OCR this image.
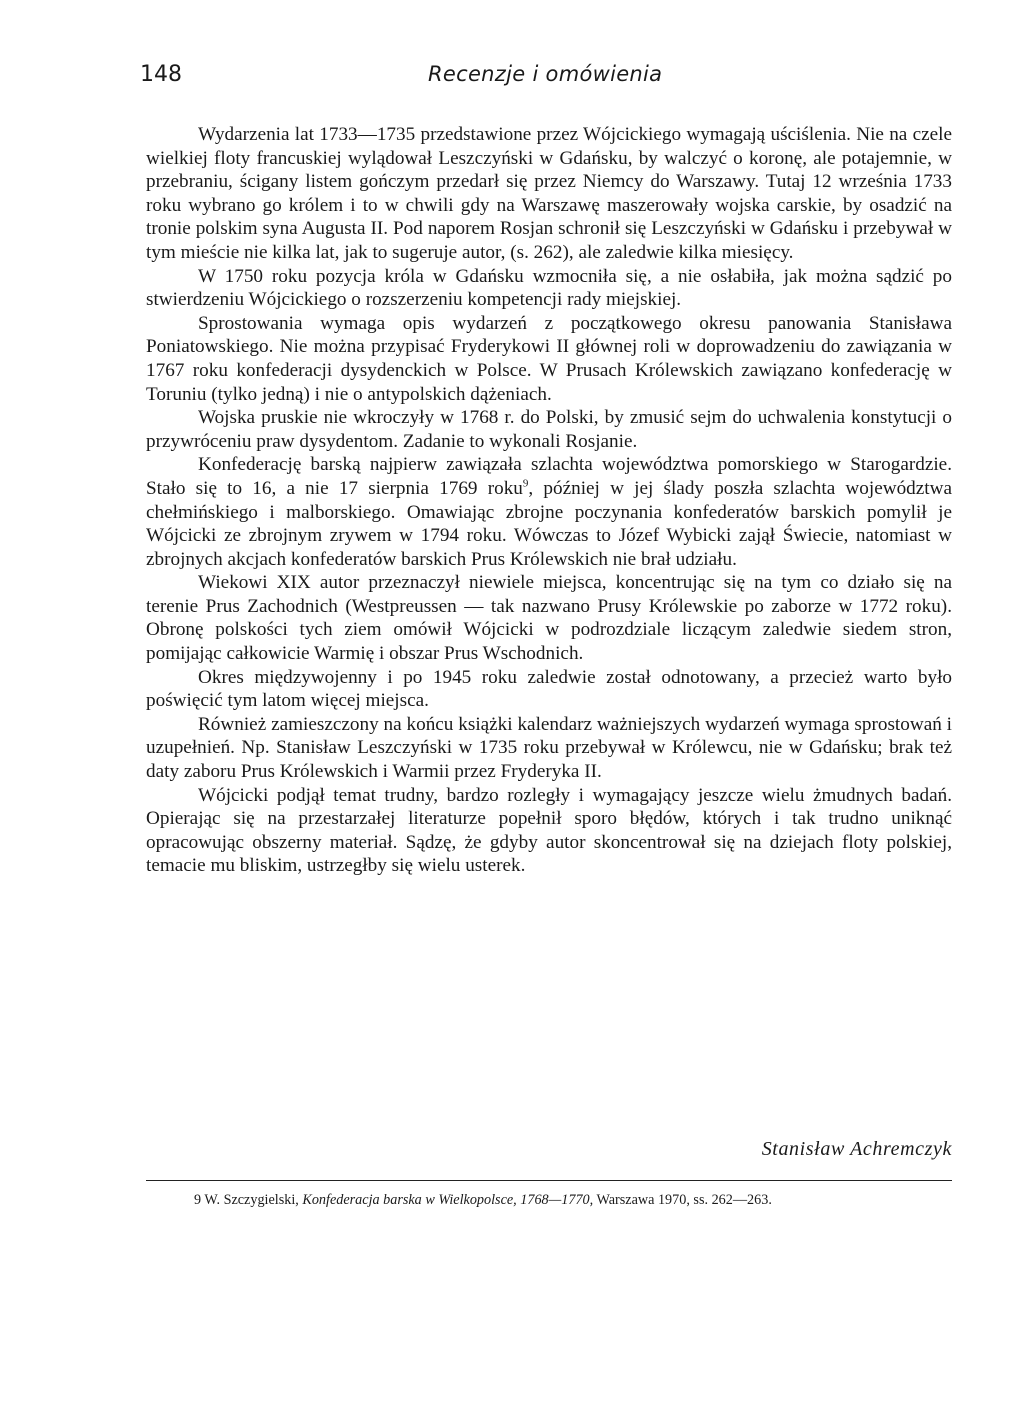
148	Recenzje i omówienia

Wydarzenia lat 1733—1735 przedstawione przez Wójcickiego wymagają uściślenia. Nie na czele wielkiej floty francuskiej wylądował Leszczyński w Gdańsku, by walczyć o koronę, ale potajemnie, w przebraniu, ścigany listem gończym przedarł się przez Niemcy do Warszawy. Tutaj 12 września 1733 roku wybrano go królem i to w chwili gdy na Warszawę maszerowały wojska carskie, by osadzić na tronie polskim syna Augusta II. Pod naporem Rosjan schronił się Leszczyński w Gdańsku i przebywał w tym mieście nie kilka lat, jak to sugeruje autor, (s. 262), ale zaledwie kilka miesięcy.

W 1750 roku pozycja króla w Gdańsku wzmocniła się, a nie osłabiła, jak można sądzić po stwierdzeniu Wójcickiego o rozszerzeniu kompetencji rady miejskiej.

Sprostowania wymaga opis wydarzeń z początkowego okresu panowania Stanisława Poniatowskiego. Nie można przypisać Fryderykowi II głównej roli w doprowadzeniu do zawiązania w 1767 roku konfederacji dysydenckich w Polsce. W Prusach Królewskich zawiązano konfederację w Toruniu (tylko jedną) i nie o antypolskich dążeniach.

Wojska pruskie nie wkroczyły w 1768 r. do Polski, by zmusić sejm do uchwalenia konstytucji o przywróceniu praw dysydentom. Zadanie to wykonali Rosjanie.

Konfederację barską najpierw zawiązała szlachta województwa pomorskiego w Starogardzie. Stało się to 16, a nie 17 sierpnia 1769 roku$^9$, później w jej ślady poszła szlachta województwa chełmińskiego i malborskiego. Omawiając zbrojne poczynania konfederatów barskich pomylił je Wójcicki ze zbrojnym zrywem w 1794 roku. Wówczas to Józef Wybicki zajął Świecie, natomiast w zbrojnych akcjach konfederatów barskich Prus Królewskich nie brał udziału.

Wiekowi XIX autor przeznaczył niewiele miejsca, koncentrując się na tym co działo się na terenie Prus Zachodnich (Westpreussen — tak nazwano Prusy Królewskie po zaborze w 1772 roku). Obronę polskości tych ziem omówił Wójcicki w podrozdziale liczącym zaledwie siedem stron, pomijając całkowicie Warmię i obszar Prus Wschodnich.

Okres międzywojenny i po 1945 roku zaledwie został odnotowany, a przecież warto było poświęcić tym latom więcej miejsca.

Również zamieszczony na końcu książki kalendarz ważniejszych wydarzeń wymaga sprostowań i uzupełnień. Np. Stanisław Leszczyński w 1735 roku przebywał w Królewcu, nie w Gdańsku; brak też daty zaboru Prus Królewskich i Warmii przez Fryderyka II.

Wójcicki podjął temat trudny, bardzo rozległy i wymagający jeszcze wielu żmudnych badań. Opierając się na przestarzałej literaturze popełnił sporo błędów, których i tak trudno uniknąć opracowując obszerny materiał. Sądzę, że gdyby autor skoncentrował się na dziejach floty polskiej, temacie mu bliskim, ustrzegłby się wielu usterek.

Stanisław Achremczyk
9 W. Szczygielski, Konfederacja barska w Wielkopolsce, 1768—1770, Warszawa 1970, ss. 262—263.
